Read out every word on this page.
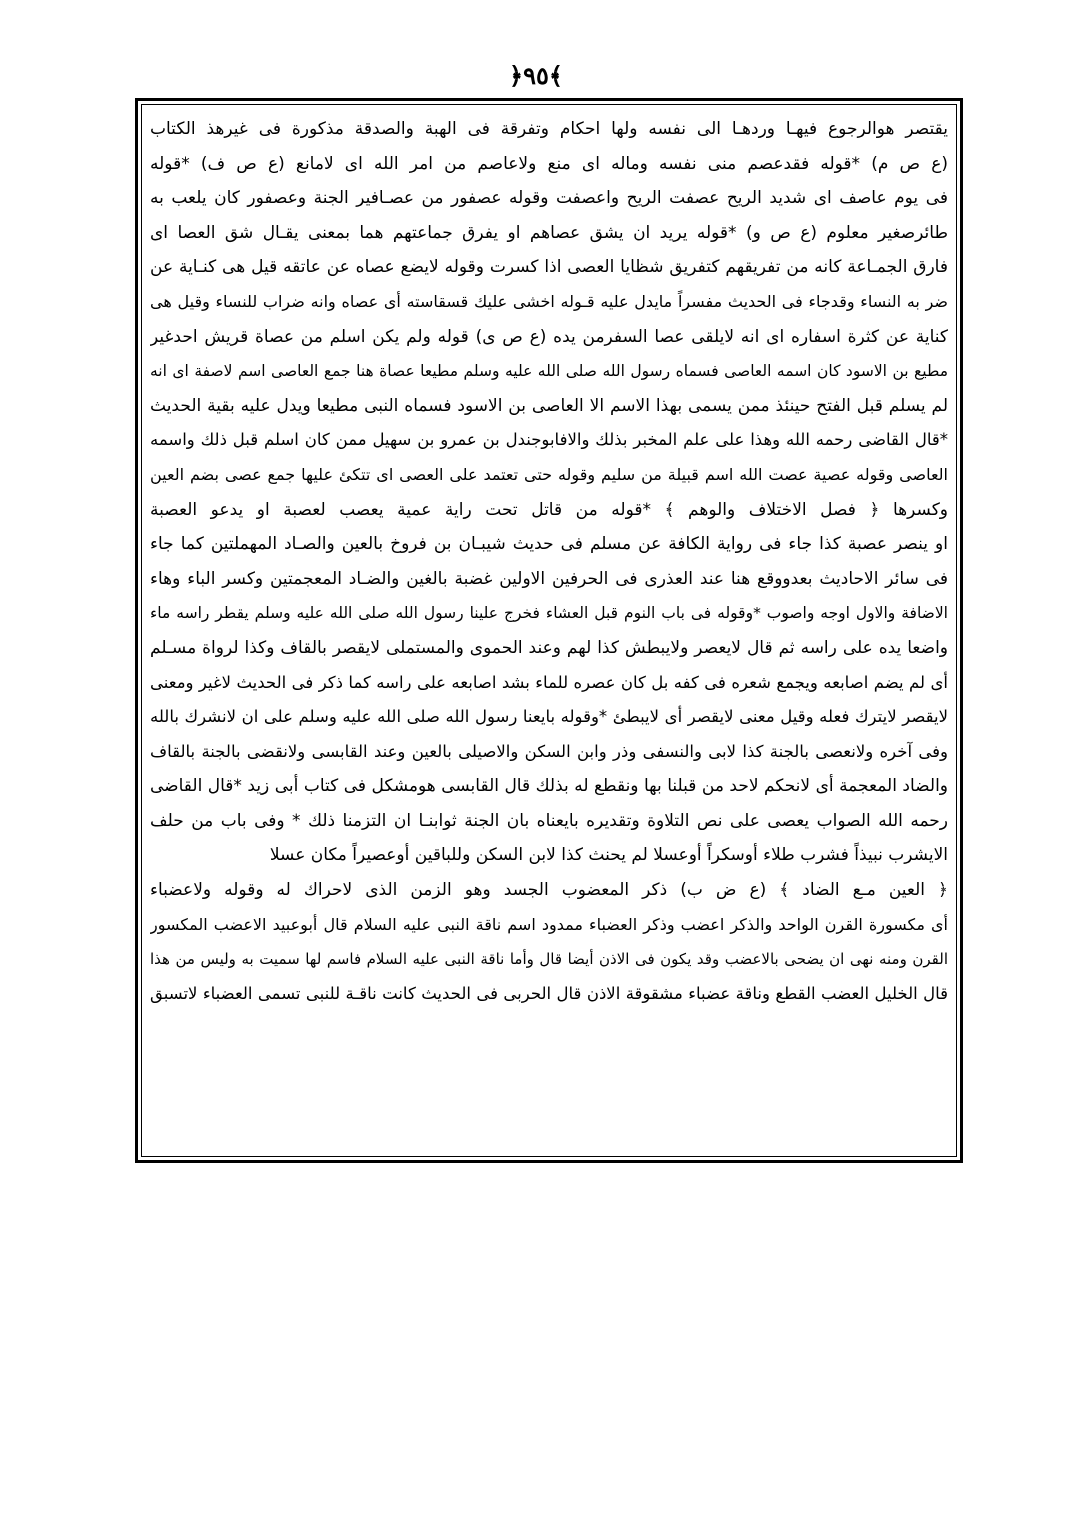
﴿٩٥﴾
يقتصر هوالرجوع فيهـا وردهـا الى نفسه ولها احكام وتفرقة فى الهبة والصدقة مذكورة فى غيرهذ الكتاب
(ع ص م) *قوله فقدعصم منى نفسه وماله اى منع ولاعاصم من امر الله اى لامانع (ع ص ف) *قوله
فى يوم عاصف اى شديد الريح عصفت الريح واعصفت وقوله عصفور من عصـافير الجنة وعصفور كان يلعب به
طائرصغير معلوم (ع ص و) *قوله يريد ان يشق عصاهم او يفرق جماعتهم هما بمعنى يقـال شق العصا اى
فارق الجمـاعة كانه من تفريقهم كتفريق شظايا العصى اذا كسرت وقوله لايضع عصاه عن عاتقه قيل هى كنـاية عن
ضر به النساء وقدجاء فى الحديث مفسراً مايدل عليه قـوله اخشى عليك قسقاسته أى عصاه وانه ضراب للنساء وقيل هى
كناية عن كثرة اسفاره اى انه لايلقى عصا السفرمن يده (ع ص ى) قوله ولم يكن اسلم من عصاة قريش احدغير
مطيع بن الاسود كان اسمه العاصى فسماه رسول الله صلى الله عليه وسلم مطيعا عصاة هنا جمع العاصى اسم لاصفة اى انه
لم يسلم قبل الفتح حينئذ ممن يسمى بهذا الاسم الا العاصى بن الاسود فسماه النبى مطيعا ويدل عليه بقية الحديث
*قال القاضى رحمه الله وهذا على علم المخبر بذلك والافابوجندل بن عمرو بن سهيل ممن كان اسلم قبل ذلك واسمه
العاصى وقوله عصية عصت الله اسم قبيلة من سليم وقوله حتى تعتمد على العصى اى تتكئ عليها جمع عصى بضم العين
وكسرها ﴿ فصل الاختلاف والوهم ﴾ *قوله من قاتل تحت راية عمية يعصب لعصبة او يدعو العصبة
او ينصر عصبة كذا جاء فى رواية الكافة عن مسلم فى حديث شيبـان بن فروخ بالعين والصـاد المهملتين كما جاء
فى سائر الاحاديث بعدووقع هنا عند العذرى فى الحرفين الاولين غضبة بالغين والضـاد المعجمتين وكسر الباء وهاء
الاضافة والاول اوجه واصوب *وقوله فى باب النوم قبل العشاء فخرج علينا رسول الله صلى الله عليه وسلم يقطر راسه ماء
واضعا يده على راسه ثم قال لايعصر ولايبطش كذا لهم وعند الحموى والمستملى لايقصر بالقاف وكذا لرواة مسـلم
أى لم يضم اصابعه ويجمع شعره فى كفه بل كان عصره للماء بشد اصابعه على راسه كما ذكر فى الحديث لاغير ومعنى
لايقصر لايترك فعله وقيل معنى لايقصر أى لايبطئ *وقوله بايعنا رسول الله صلى الله عليه وسلم على ان لانشرك بالله
وفى آخره ولانعصى بالجنة كذا لابى والنسفى وذر وابن السكن والاصيلى بالعين وعند القابسى ولانقضى بالجنة بالقاف
والضاد المعجمة أى لانحكم لاحد من قبلنا بها ونقطع له بذلك قال القابسى هومشكل فى كتاب أبى زيد *قال القاضى
رحمه الله الصواب يعصى على نص التلاوة وتقديره بايعناه بان الجنة ثوابنـا ان التزمنا ذلك * وفى باب من حلف
الايشرب نبيذاً فشرب طلاء أوسكراً أوعسلا لم يحنث كذا لابن السكن وللباقين أوعصيراً مكان عسلا
﴿ العين مـع الضاد ﴾ (ع ض ب) ذكر المعضوب الجسد وهو الزمن الذى لاحراك له وقوله ولاعضباء
أى مكسورة القرن الواحد والذكر اعضب وذكر العضباء ممدود اسم ناقة النبى عليه السلام قال أبوعبيد الاعضب المكسور
القرن ومنه نهى ان يضحى بالاعضب وقد يكون فى الاذن أيضا قال وأما ناقة النبى عليه السلام فاسم لها سميت به وليس من هذا
قال الخليل العضب القطع وناقة عضباء مشقوقة الاذن قال الحربى فى الحديث كانت ناقـة للنبى تسمى العضباء لاتسبق
